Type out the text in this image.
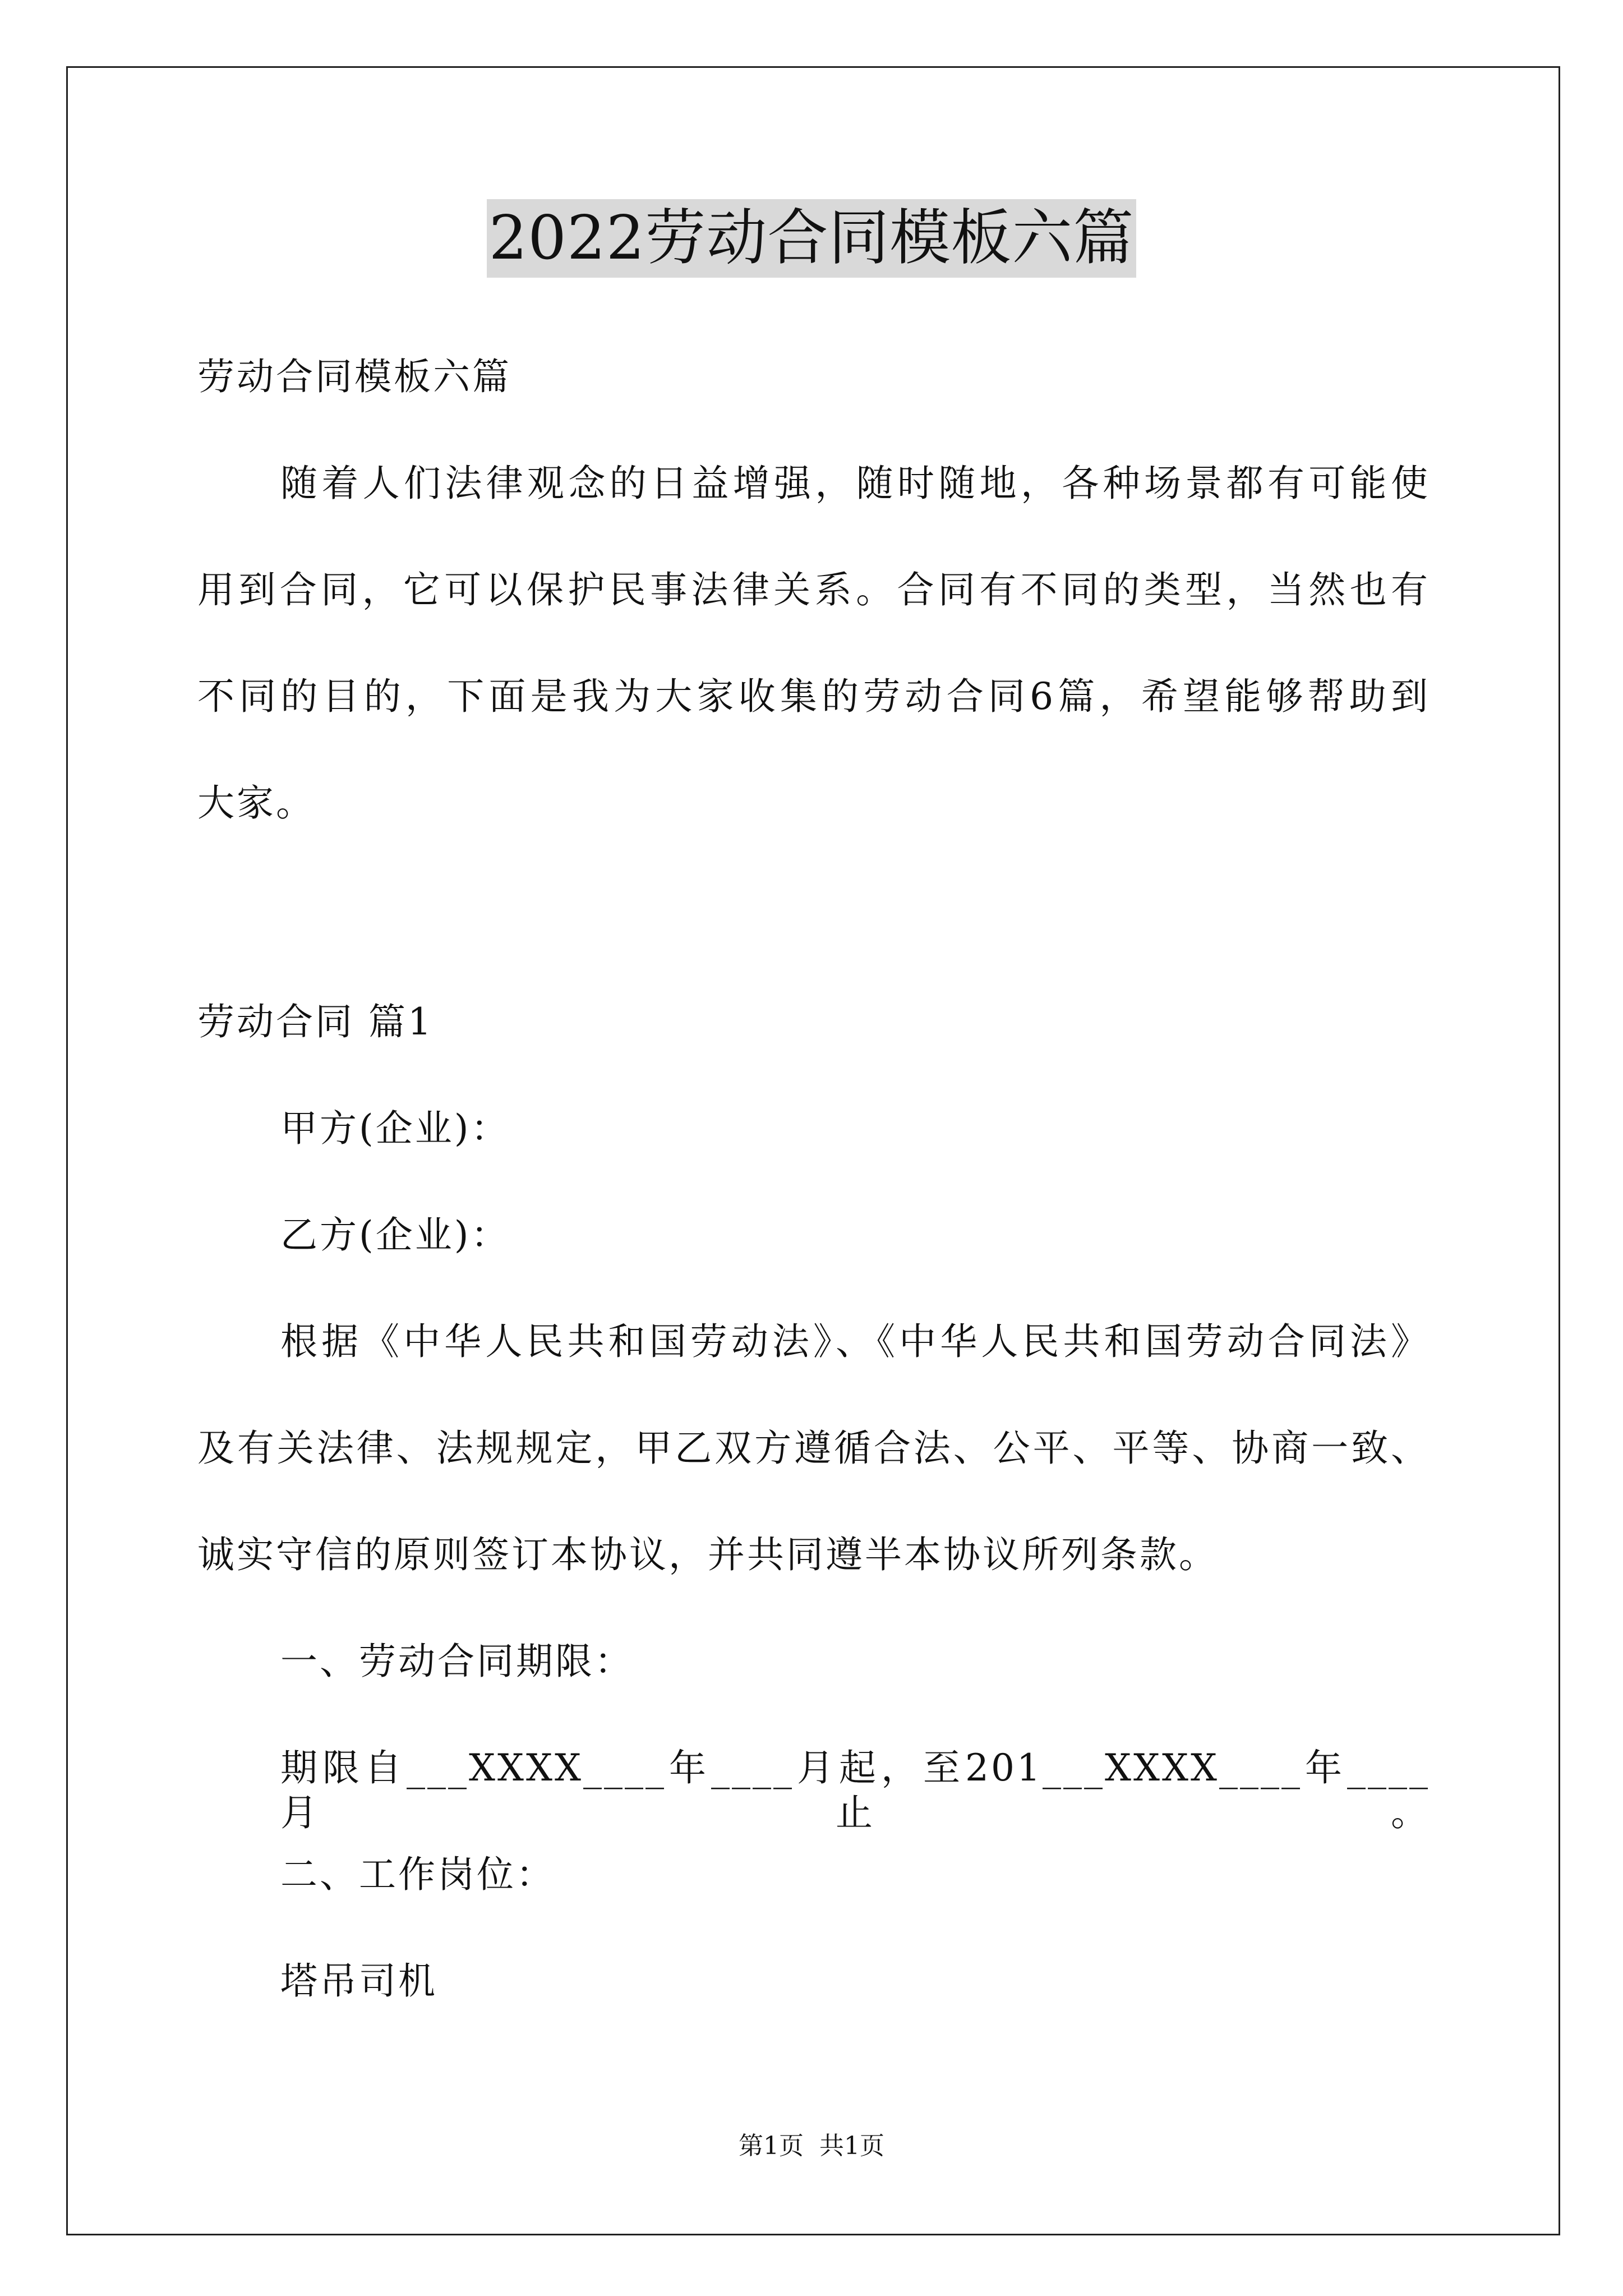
2022劳动合同模板六篇
劳动合同模板六篇
随着人们法律观念的日益增强，随时随地，各种场景都有可能使
用到合同，它可以保护民事法律关系。合同有不同的类型，当然也有
不同的目的，下面是我为大家收集的劳动合同6篇，希望能够帮助到
大家。
劳动合同 篇1
甲方(企业)：
乙方(企业)：
根据《中华人民共和国劳动法》、《中华人民共和国劳动合同法》
及有关法律、法规规定，甲乙双方遵循合法、公平、平等、协商一致、
诚实守信的原则签订本协议，并共同遵半本协议所列条款。
一、劳动合同期限：
期限自___XXXX____年____月起，至201___XXXX____年____月止。
二、工作岗位：
塔吊司机
第1页 共1页
